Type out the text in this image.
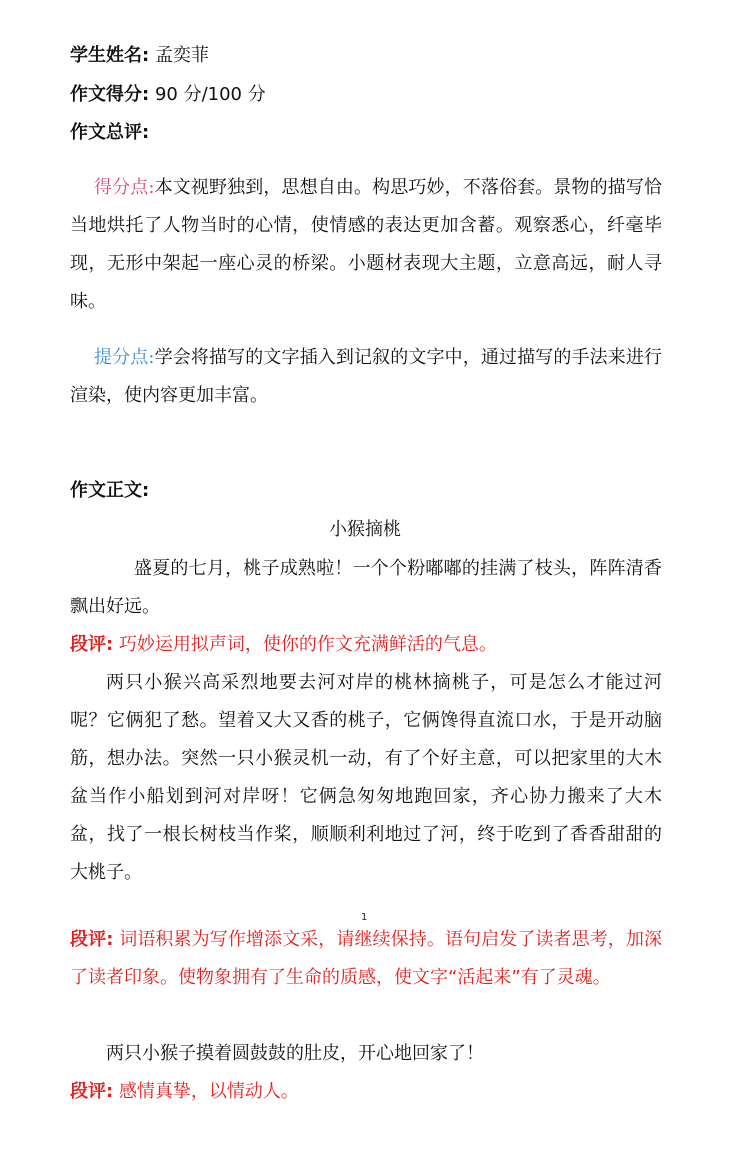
学生姓名: 孟奕菲
作文得分: 90 分/100 分
作文总评:
得分点:本文视野独到，思想自由。构思巧妙，不落俗套。景物的描写恰当地烘托了人物当时的心情，使情感的表达更加含蓄。观察悉心，纤毫毕现，无形中架起一座心灵的桥梁。小题材表现大主题，立意高远，耐人寻味。
提分点:学会将描写的文字插入到记叙的文字中，通过描写的手法来进行渲染，使内容更加丰富。
作文正文:
小猴摘桃
盛夏的七月，桃子成熟啦！一个个粉嘟嘟的挂满了枝头，阵阵清香飘出好远。
段评: 巧妙运用拟声词，使你的作文充满鲜活的气息。
两只小猴兴高采烈地要去河对岸的桃林摘桃子，可是怎么才能过河呢？它俩犯了愁。望着又大又香的桃子，它俩馋得直流口水，于是开动脑筋，想办法。突然一只小猴灵机一动，有了个好主意，可以把家里的大木盆当作小船划到河对岸呀！它俩急匆匆地跑回家，齐心协力搬来了大木盆，找了一根长树枝当作桨，顺顺利利地过了河，终于吃到了香香甜甜的大桃子。
1
段评: 词语积累为写作增添文采，请继续保持。语句启发了读者思考，加深了读者印象。使物象拥有了生命的质感，使文字“活起来”有了灵魂。
两只小猴子摸着圆鼓鼓的肚皮，开心地回家了！
段评: 感情真挚，以情动人。
